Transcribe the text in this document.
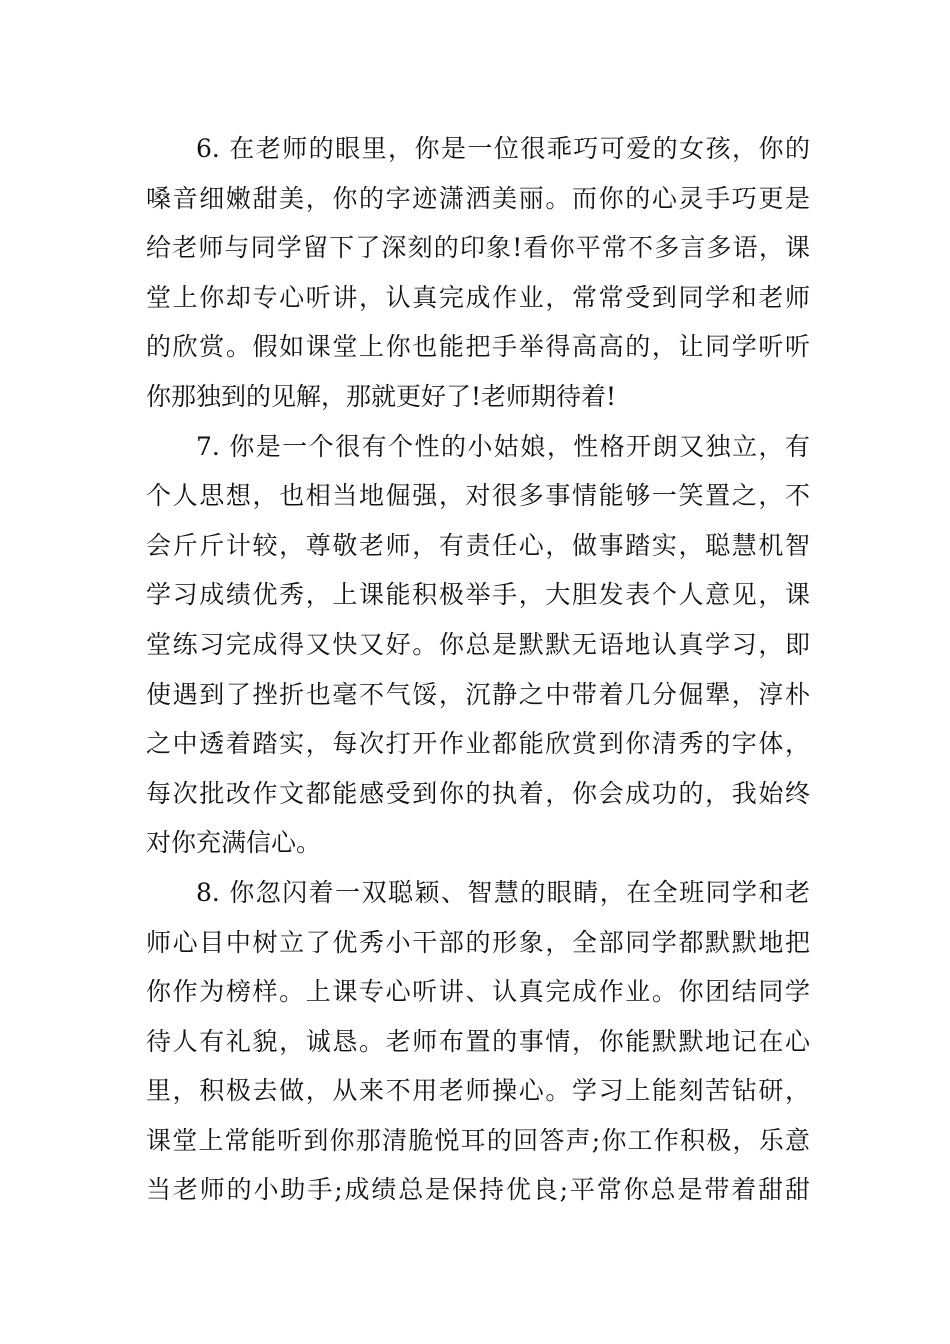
6. 在老师的眼里，你是一位很乖巧可爱的女孩，你的
嗓音细嫩甜美，你的字迹潇洒美丽。而你的心灵手巧更是
给老师与同学留下了深刻的印象!看你平常不多言多语，课
堂上你却专心听讲，认真完成作业，常常受到同学和老师
的欣赏。假如课堂上你也能把手举得高高的，让同学听听
你那独到的见解，那就更好了!老师期待着!
7. 你是一个很有个性的小姑娘，性格开朗又独立，有
个人思想，也相当地倔强，对很多事情能够一笑置之，不
会斤斤计较，尊敬老师，有责任心，做事踏实，聪慧机智
学习成绩优秀，上课能积极举手，大胆发表个人意见，课
堂练习完成得又快又好。你总是默默无语地认真学习，即
使遇到了挫折也毫不气馁，沉静之中带着几分倔犟，淳朴
之中透着踏实，每次打开作业都能欣赏到你清秀的字体，
每次批改作文都能感受到你的执着，你会成功的，我始终
对你充满信心。
8. 你忽闪着一双聪颖、智慧的眼睛，在全班同学和老
师心目中树立了优秀小干部的形象，全部同学都默默地把
你作为榜样。上课专心听讲、认真完成作业。你团结同学
待人有礼貌，诚恳。老师布置的事情，你能默默地记在心
里，积极去做，从来不用老师操心。学习上能刻苦钻研，
课堂上常能听到你那清脆悦耳的回答声;你工作积极，乐意
当老师的小助手;成绩总是保持优良;平常你总是带着甜甜
